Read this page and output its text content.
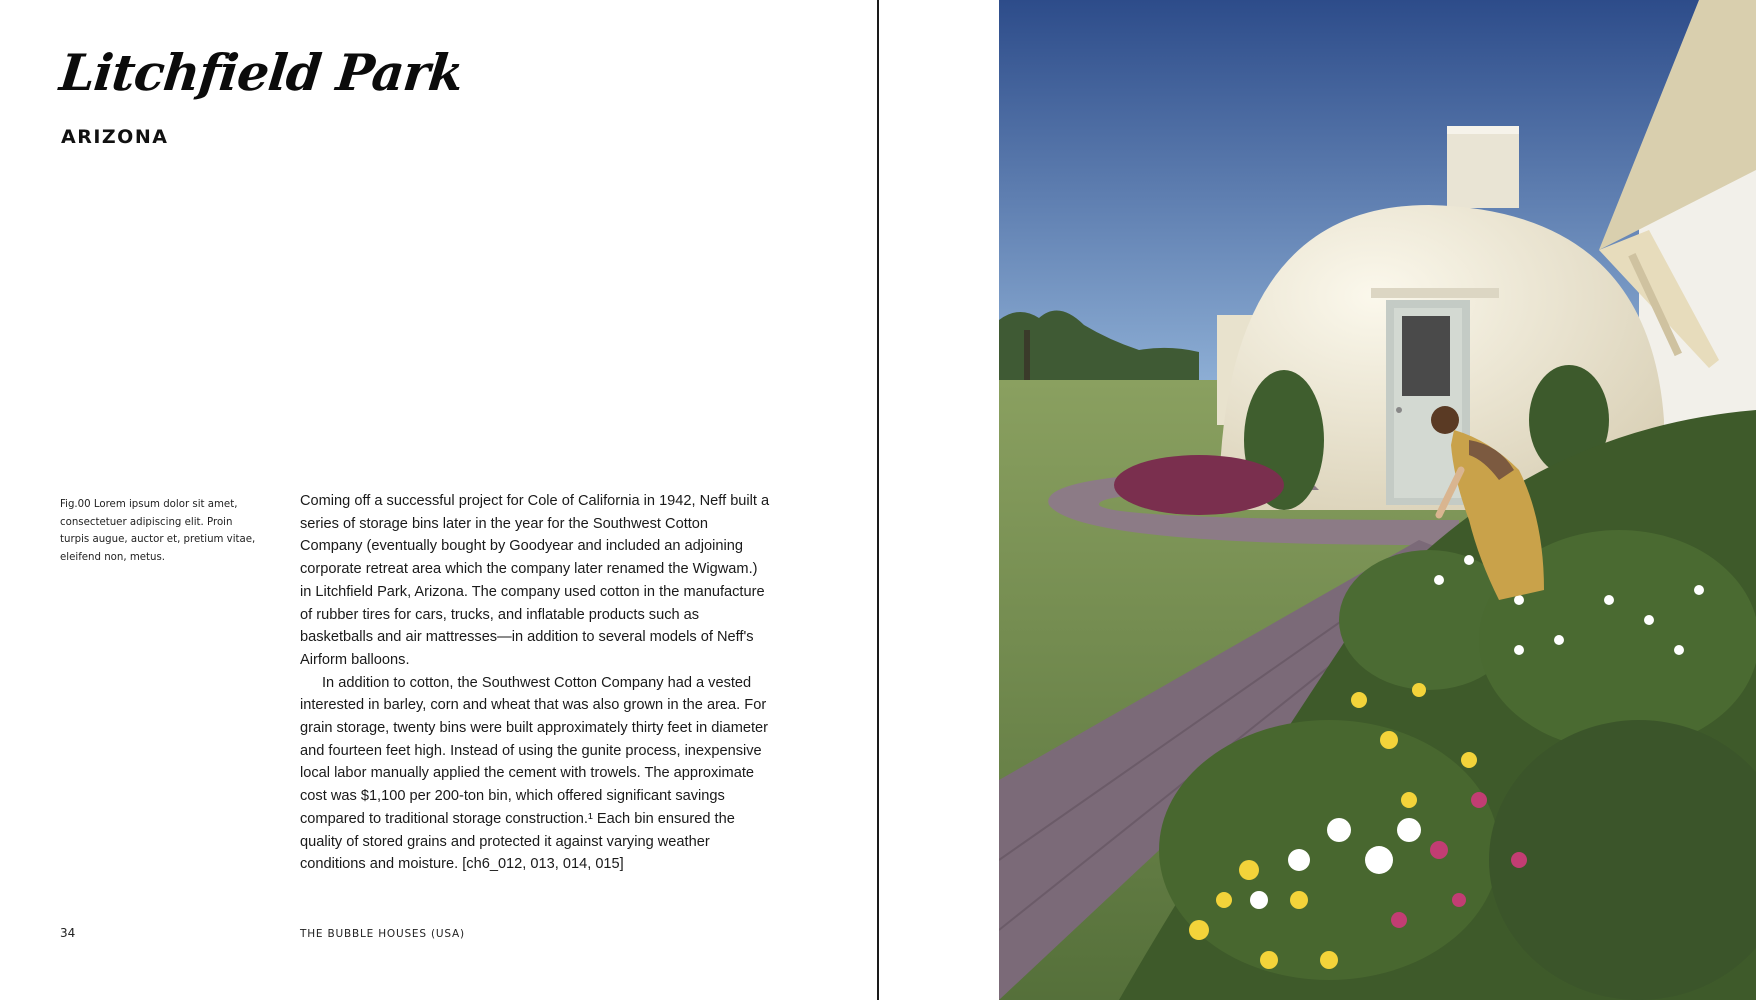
Litchfield Park
ARIZONA
Fig.00 Lorem ipsum dolor sit amet, consectetuer adipiscing elit. Proin turpis augue, auctor et, pretium vitae, eleifend non, metus.

Coming off a successful project for Cole of California in 1942, Neff built a series of storage bins later in the year for the Southwest Cotton Company (eventually bought by Goodyear and included an adjoining corporate retreat area which the company later renamed the Wigwam.) in Litchfield Park, Arizona. The company used cotton in the manufacture of rubber tires for cars, trucks, and inflatable products such as basketballs and air mattresses—in addition to several models of Neff's Airform balloons.

In addition to cotton, the Southwest Cotton Company had a vested interested in barley, corn and wheat that was also grown in the area. For grain storage, twenty bins were built approximately thirty feet in diameter and fourteen feet high. Instead of using the gunite process, inexpensive local labor manually applied the cement with trowels. The approximate cost was $1,100 per 200-ton bin, which offered significant savings compared to traditional storage construction.¹ Each bin ensured the quality of stored grains and protected it against varying weather conditions and moisture. [ch6_012, 013, 014, 015]

34	THE BUBBLE HOUSES (USA)
